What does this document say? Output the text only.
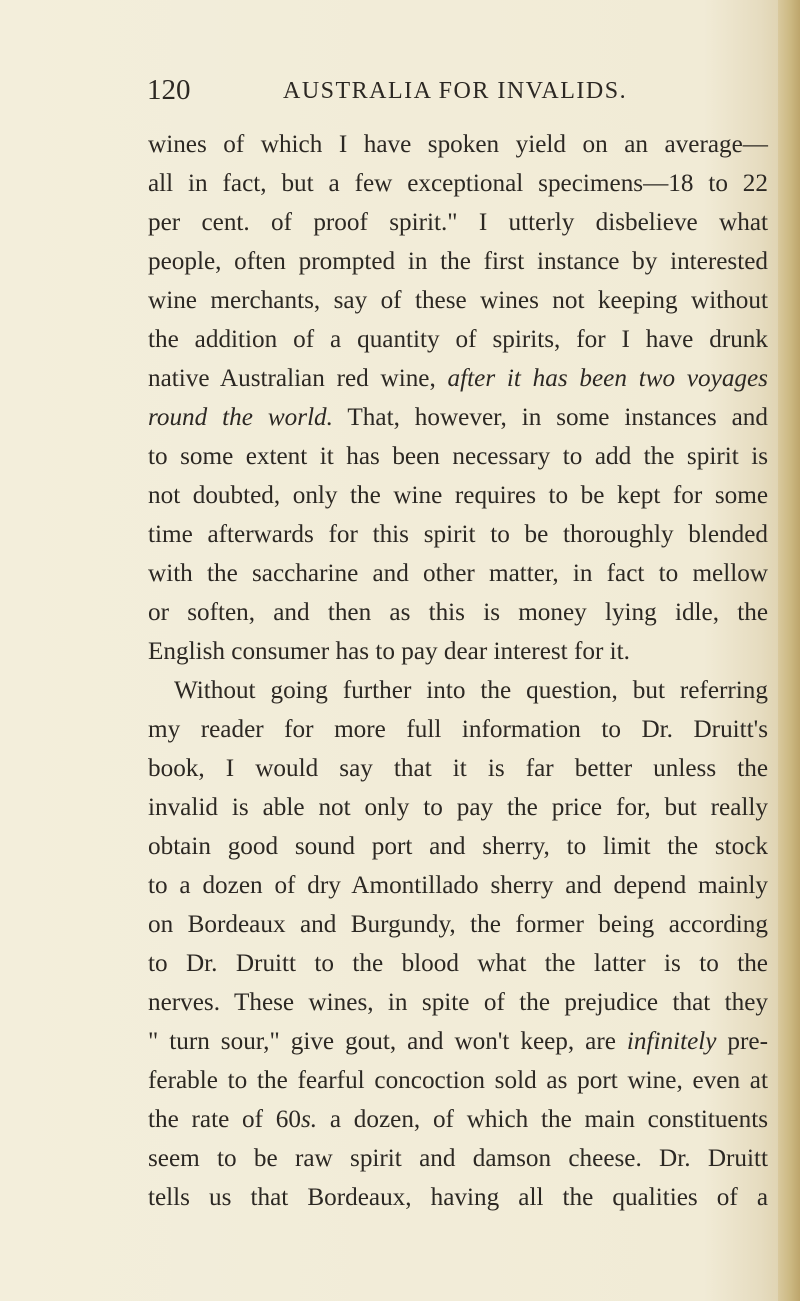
120	AUSTRALIA FOR INVALIDS.
wines of which I have spoken yield on an average—
all in fact, but a few exceptional specimens—18 to 22
per cent. of proof spirit." I utterly disbelieve what
people, often prompted in the first instance by interested
wine merchants, say of these wines not keeping without
the addition of a quantity of spirits, for I have drunk
native Australian red wine, after it has been two voyages
round the world. That, however, in some instances and
to some extent it has been necessary to add the spirit is
not doubted, only the wine requires to be kept for some
time afterwards for this spirit to be thoroughly blended
with the saccharine and other matter, in fact to mellow
or soften, and then as this is money lying idle, the
English consumer has to pay dear interest for it.
Without going further into the question, but referring
my reader for more full information to Dr. Druitt's
book, I would say that it is far better unless the
invalid is able not only to pay the price for, but really
obtain good sound port and sherry, to limit the stock
to a dozen of dry Amontillado sherry and depend mainly
on Bordeaux and Burgundy, the former being according
to Dr. Druitt to the blood what the latter is to the
nerves. These wines, in spite of the prejudice that they
" turn sour," give gout, and won't keep, are infinitely pre-
ferable to the fearful concoction sold as port wine, even at
the rate of 60s. a dozen, of which the main constituents
seem to be raw spirit and damson cheese. Dr. Druitt
tells us that Bordeaux, having all the qualities of a
